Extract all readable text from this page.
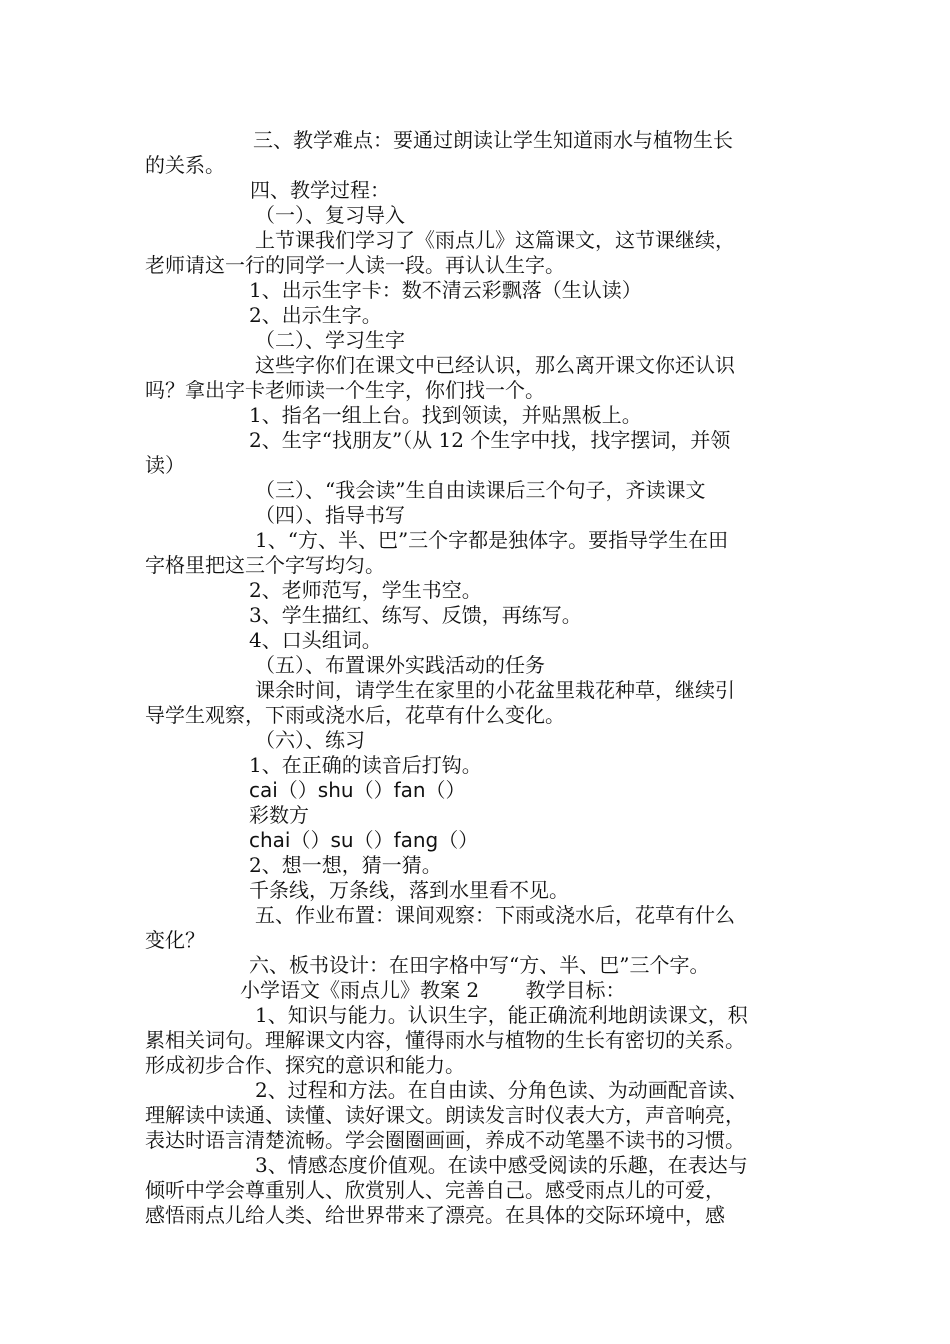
三、教学难点：要通过朗读让学生知道雨水与植物生长
的关系。
四、教学过程：
（一）、复习导入
上节课我们学习了《雨点儿》这篇课文，这节课继续，
老师请这一行的同学一人读一段。再认认生字。
1、出示生字卡：数不清云彩飘落（生认读）
2、出示生字。
（二）、学习生字
这些字你们在课文中已经认识，那么离开课文你还认识
吗？拿出字卡老师读一个生字，你们找一个。
1、指名一组上台。找到领读，并贴黑板上。
2、生字“找朋友”（从 12 个生字中找，找字摆词，并领
读）
（三）、“我会读”生自由读课后三个句子，齐读课文
（四）、指导书写
1、“方、半、巴”三个字都是独体字。要指导学生在田
字格里把这三个字写均匀。
2、老师范写，学生书空。
3、学生描红、练写、反馈，再练写。
4、口头组词。
（五）、布置课外实践活动的任务
课余时间，请学生在家里的小花盆里栽花种草，继续引
导学生观察，下雨或浇水后，花草有什么变化。
（六）、练习
1、在正确的读音后打钩。
cai（）shu（）fan（）
彩数方
chai（）su（）fang（）
2、想一想，猜一猜。
千条线，万条线，落到水里看不见。
五、作业布置：课间观察：下雨或浇水后，花草有什么
变化？
六、板书设计：在田字格中写“方、半、巴”三个字。
小学语文《雨点儿》教案 2　　 教学目标：
1、知识与能力。认识生字，能正确流利地朗读课文，积
累相关词句。理解课文内容，懂得雨水与植物的生长有密切的关系。
形成初步合作、探究的意识和能力。
2、过程和方法。在自由读、分角色读、为动画配音读、
理解读中读通、读懂、读好课文。朗读发言时仪表大方，声音响亮，
表达时语言清楚流畅。学会圈圈画画，养成不动笔墨不读书的习惯。
3、情感态度价值观。在读中感受阅读的乐趣，在表达与
倾听中学会尊重别人、欣赏别人、完善自己。感受雨点儿的可爱，
感悟雨点儿给人类、给世界带来了漂亮。在具体的交际环境中，感
